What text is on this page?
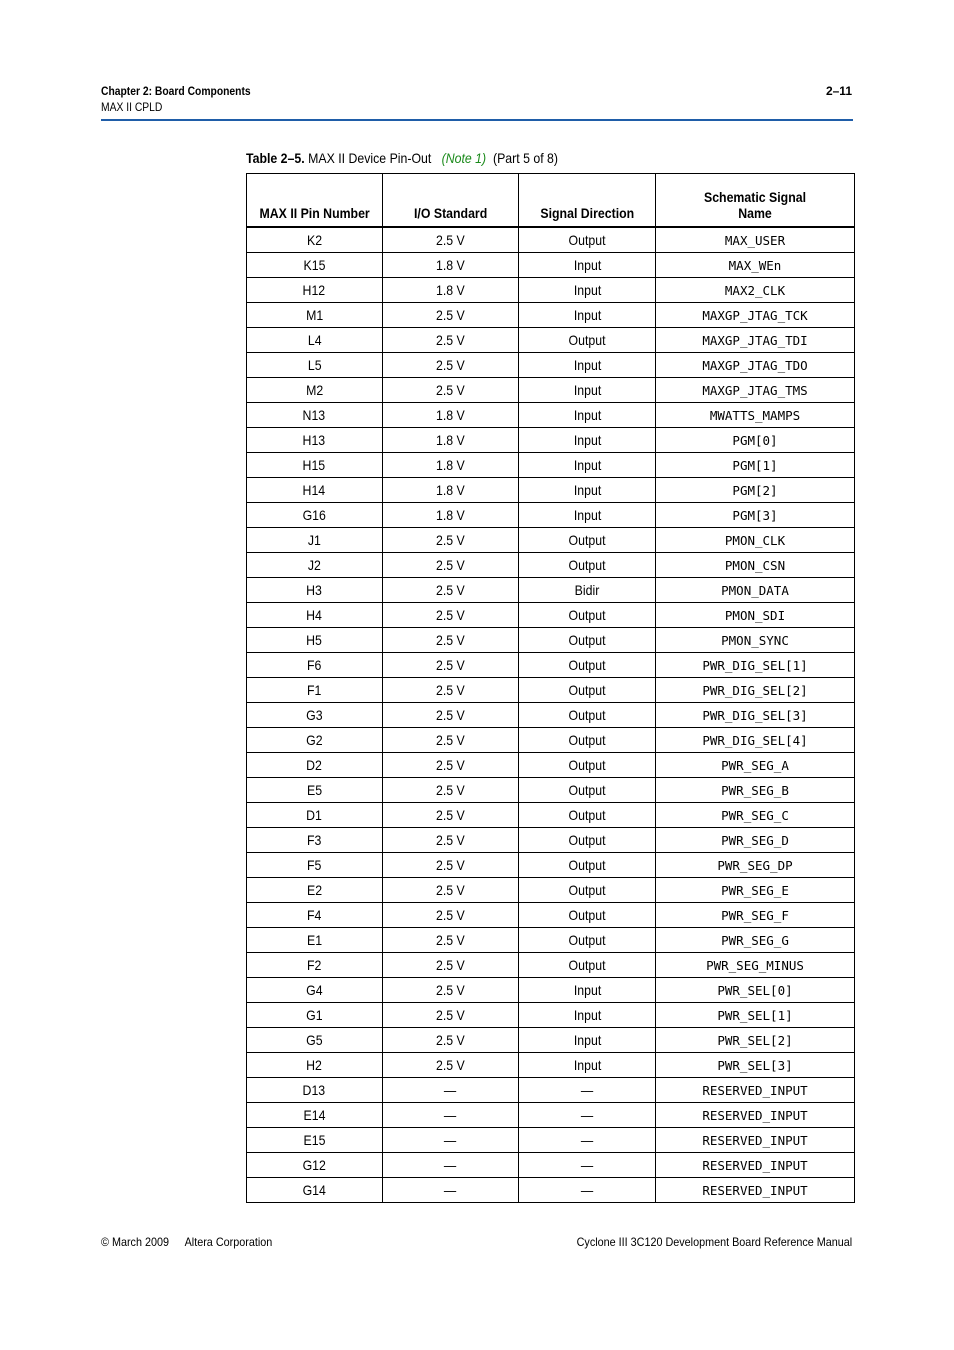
Chapter 2: Board Components
MAX II CPLD
2–11
Table 2–5. MAX II Device Pin-Out (Note 1) (Part 5 of 8)
MAX II Pin Number	I/O Standard	Signal Direction	Schematic Signal Name
K2	2.5 V	Output	MAX_USER
K15	1.8 V	Input	MAX_WEn
H12	1.8 V	Input	MAX2_CLK
M1	2.5 V	Input	MAXGP_JTAG_TCK
L4	2.5 V	Output	MAXGP_JTAG_TDI
L5	2.5 V	Input	MAXGP_JTAG_TDO
M2	2.5 V	Input	MAXGP_JTAG_TMS
N13	1.8 V	Input	MWATTS_MAMPS
H13	1.8 V	Input	PGM[0]
H15	1.8 V	Input	PGM[1]
H14	1.8 V	Input	PGM[2]
G16	1.8 V	Input	PGM[3]
J1	2.5 V	Output	PMON_CLK
J2	2.5 V	Output	PMON_CSN
H3	2.5 V	Bidir	PMON_DATA
H4	2.5 V	Output	PMON_SDI
H5	2.5 V	Output	PMON_SYNC
F6	2.5 V	Output	PWR_DIG_SEL[1]
F1	2.5 V	Output	PWR_DIG_SEL[2]
G3	2.5 V	Output	PWR_DIG_SEL[3]
G2	2.5 V	Output	PWR_DIG_SEL[4]
D2	2.5 V	Output	PWR_SEG_A
E5	2.5 V	Output	PWR_SEG_B
D1	2.5 V	Output	PWR_SEG_C
F3	2.5 V	Output	PWR_SEG_D
F5	2.5 V	Output	PWR_SEG_DP
E2	2.5 V	Output	PWR_SEG_E
F4	2.5 V	Output	PWR_SEG_F
E1	2.5 V	Output	PWR_SEG_G
F2	2.5 V	Output	PWR_SEG_MINUS
G4	2.5 V	Input	PWR_SEL[0]
G1	2.5 V	Input	PWR_SEL[1]
G5	2.5 V	Input	PWR_SEL[2]
H2	2.5 V	Input	PWR_SEL[3]
D13	—	—	RESERVED_INPUT
E14	—	—	RESERVED_INPUT
E15	—	—	RESERVED_INPUT
G12	—	—	RESERVED_INPUT
G14	—	—	RESERVED_INPUT
© March 2009 Altera Corporation	Cyclone III 3C120 Development Board Reference Manual
